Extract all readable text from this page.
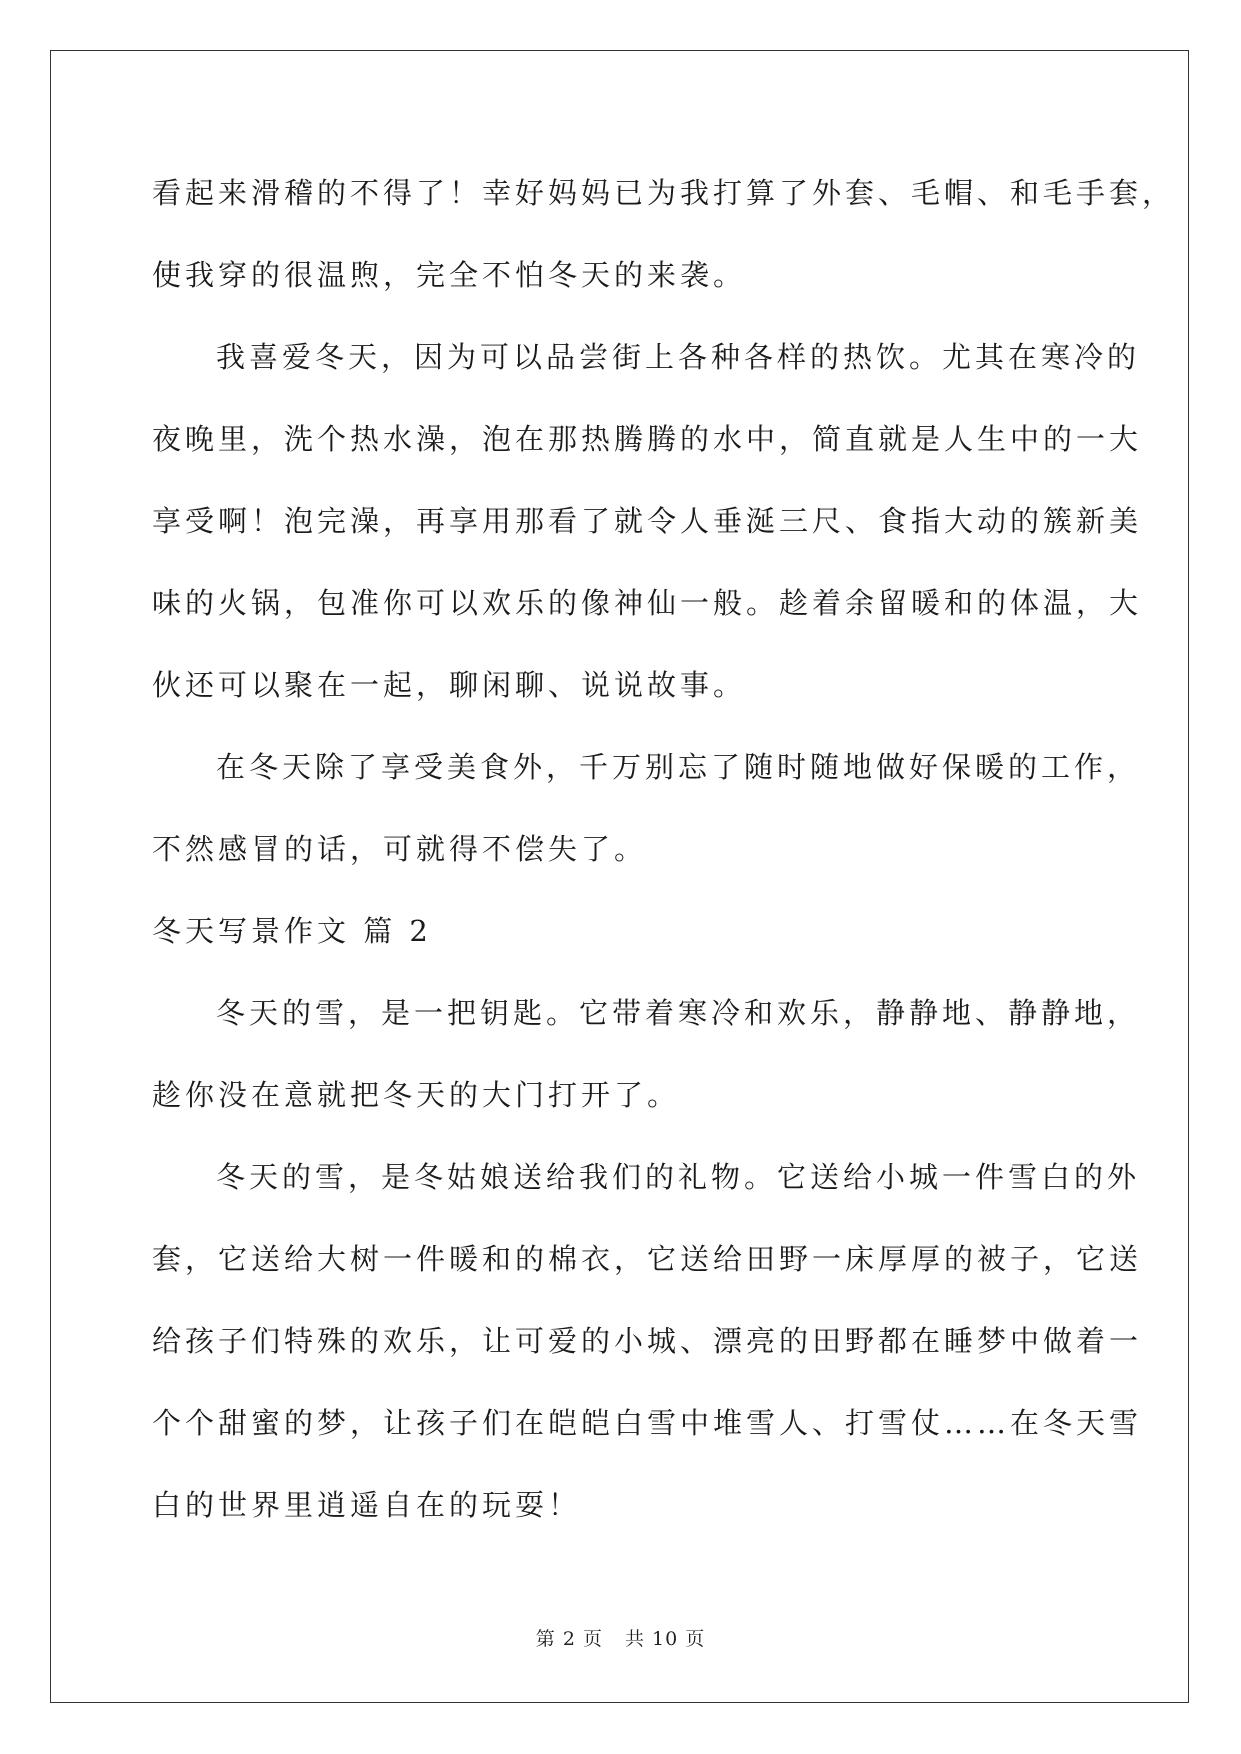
看起来滑稽的不得了！幸好妈妈已为我打算了外套、毛帽、和毛手套，
使我穿的很温煦，完全不怕冬天的来袭。
我喜爱冬天，因为可以品尝街上各种各样的热饮。尤其在寒冷的
夜晚里，洗个热水澡，泡在那热腾腾的水中，简直就是人生中的一大
享受啊！泡完澡，再享用那看了就令人垂涎三尺、食指大动的簇新美
味的火锅，包准你可以欢乐的像神仙一般。趁着余留暖和的体温，大
伙还可以聚在一起，聊闲聊、说说故事。
在冬天除了享受美食外，千万别忘了随时随地做好保暖的工作，
不然感冒的话，可就得不偿失了。
冬天写景作文 篇 2
冬天的雪，是一把钥匙。它带着寒冷和欢乐，静静地、静静地，
趁你没在意就把冬天的大门打开了。
冬天的雪，是冬姑娘送给我们的礼物。它送给小城一件雪白的外
套，它送给大树一件暖和的棉衣，它送给田野一床厚厚的被子，它送
给孩子们特殊的欢乐，让可爱的小城、漂亮的田野都在睡梦中做着一
个个甜蜜的梦，让孩子们在皑皑白雪中堆雪人、打雪仗……在冬天雪
白的世界里逍遥自在的玩耍！
第 2 页 共 10 页
